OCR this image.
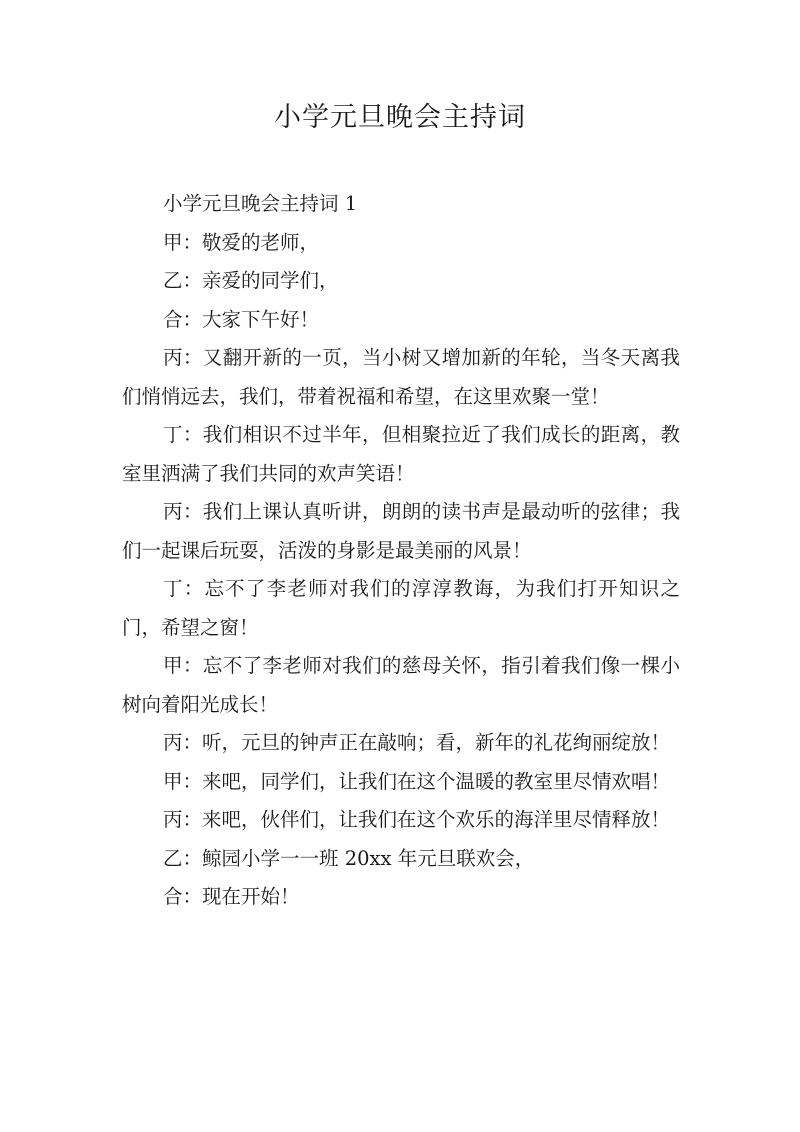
小学元旦晚会主持词

小学元旦晚会主持词 1

甲：敬爱的老师，

乙：亲爱的同学们，

合：大家下午好！

丙：又翻开新的一页，当小树又增加新的年轮，当冬天离我们悄悄远去，我们，带着祝福和希望，在这里欢聚一堂！

丁：我们相识不过半年，但相聚拉近了我们成长的距离，教室里洒满了我们共同的欢声笑语！

丙：我们上课认真听讲，朗朗的读书声是最动听的弦律；我们一起课后玩耍，活泼的身影是最美丽的风景！

丁：忘不了李老师对我们的淳淳教诲，为我们打开知识之门，希望之窗！

甲：忘不了李老师对我们的慈母关怀，指引着我们像一棵小树向着阳光成长！

丙：听，元旦的钟声正在敲响；看，新年的礼花绚丽绽放！

甲：来吧，同学们，让我们在这个温暖的教室里尽情欢唱！

丙：来吧，伙伴们，让我们在这个欢乐的海洋里尽情释放！

乙：鲸园小学一一班 20xx 年元旦联欢会，

合：现在开始！
